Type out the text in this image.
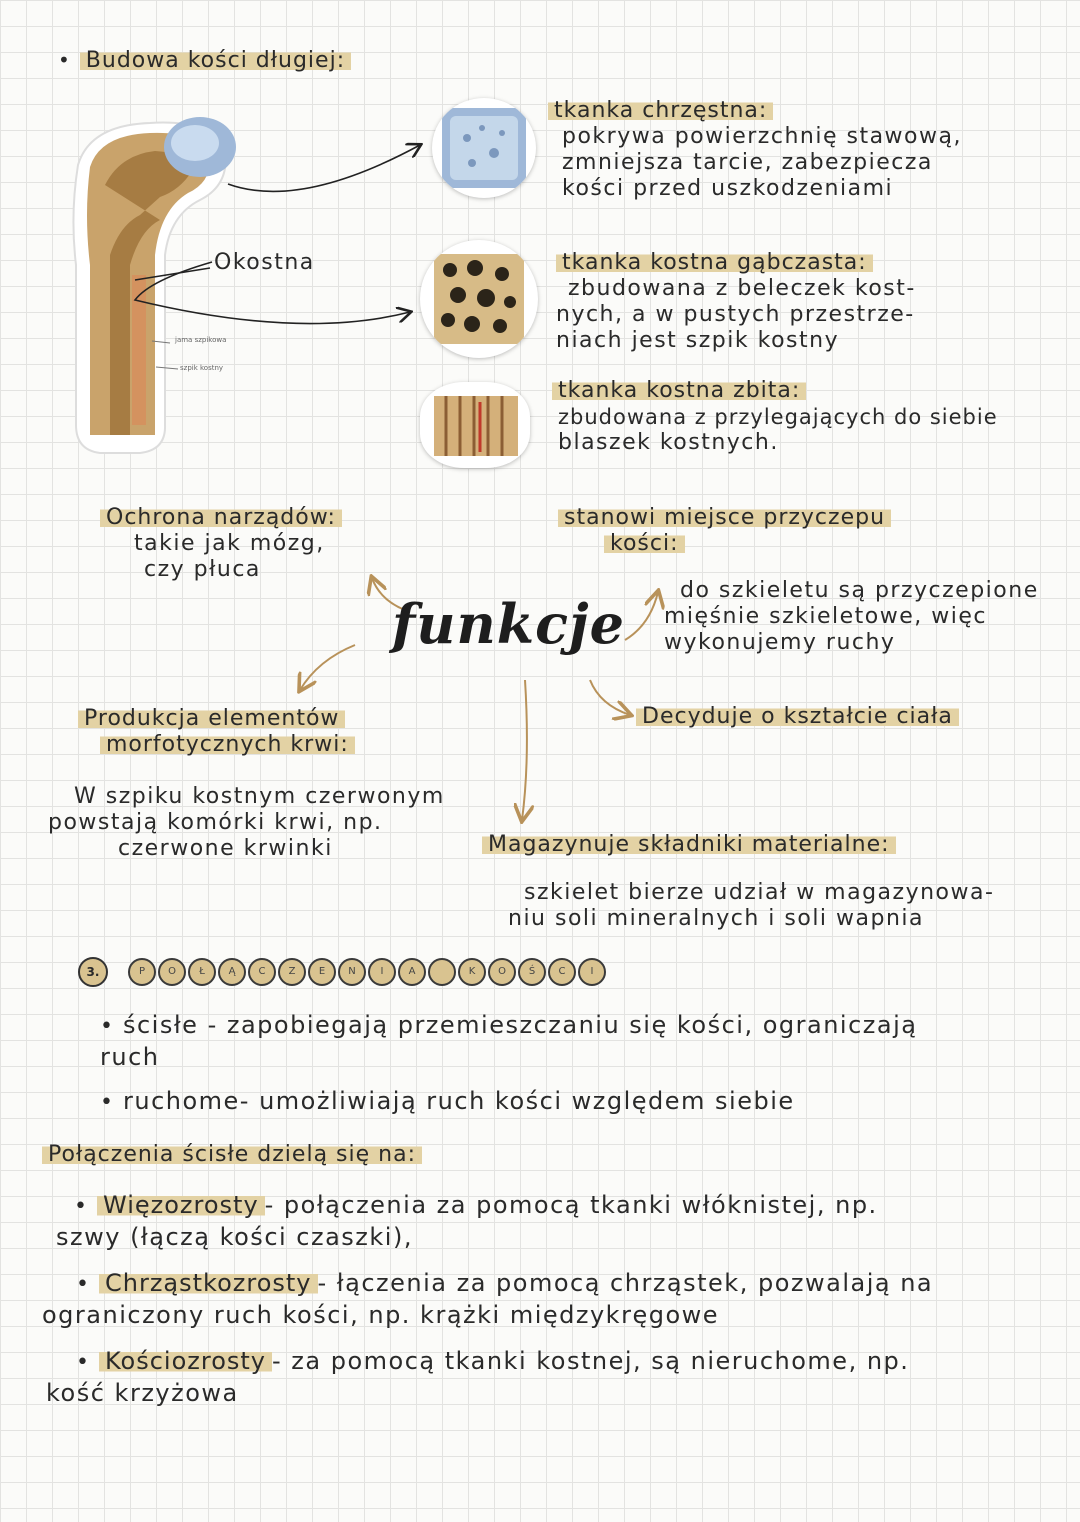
• Budowa kości długiej:
jama szpikowa
szpik kostny
Okostna
tkanka chrzęstna:
pokrywa powierzchnię stawową,
zmniejsza tarcie, zabezpiecza
kości przed uszkodzeniami
tkanka kostna gąbczasta:
zbudowana z beleczek kost-
nych, a w pustych przestrze-
niach jest szpik kostny
tkanka kostna zbita:
zbudowana z przylegających do siebie
blaszek kostnych.
Ochrona narządów:
takie jak mózg,
czy płuca
stanowi miejsce przyczepu
kości:
do szkieletu są przyczepione
mięśnie szkieletowe, więc
wykonujemy ruchy
funkcje
Produkcja elementów
morfotycznych krwi:
W szpiku kostnym czerwonym
powstają komórki krwi, np.
czerwone krwinki
Decyduje o kształcie ciała
Magazynuje składniki materialne:
szkielet bierze udział w magazynowa-
niu soli mineralnych i soli wapnia
3.	P	O	Ł	Ą	C	Z	E	N	I	A	K	O	Ś	C	I
• ścisłe - zapobiegają przemieszczaniu się kości, ograniczają
ruch
• ruchome- umożliwiają ruch kości względem siebie
Połączenia ścisłe dzielą się na:
• Więzozrosty - połączenia za pomocą tkanki włóknistej, np.
szwy (łączą kości czaszki),
• Chrząstkozrosty - łączenia za pomocą chrząstek, pozwalają na
ograniczony ruch kości, np. krążki międzykręgowe
• Kościozrosty - za pomocą tkanki kostnej, są nieruchome, np.
kość krzyżowa
